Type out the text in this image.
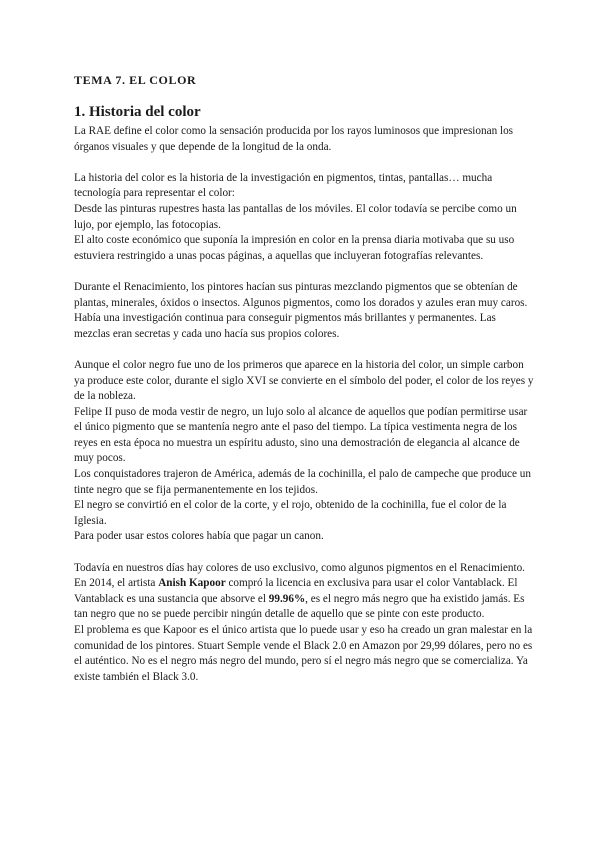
TEMA 7. EL COLOR
1. Historia del color

La RAE define el color como la sensación producida por los rayos luminosos que impresionan los órganos visuales y que depende de la longitud de la onda.

La historia del color es la historia de la investigación en pigmentos, tintas, pantallas… mucha tecnología para representar el color:

Desde las pinturas rupestres hasta las pantallas de los móviles. El color todavía se percibe como un lujo, por ejemplo, las fotocopias.

El alto coste económico que suponía la impresión en color en la prensa diaria motivaba que su uso estuviera restringido a unas pocas páginas, a aquellas que incluyeran fotografías relevantes.

Durante el Renacimiento, los pintores hacían sus pinturas mezclando pigmentos que se obtenían de plantas, minerales, óxidos o insectos. Algunos pigmentos, como los dorados y azules eran muy caros. Había una investigación continua para conseguir pigmentos más brillantes y permanentes. Las mezclas eran secretas y cada uno hacía sus propios colores.

Aunque el color negro fue uno de los primeros que aparece en la historia del color, un simple carbon ya produce este color, durante el siglo XVI se convierte en el símbolo del poder, el color de los reyes y de la nobleza.

Felipe II puso de moda vestir de negro, un lujo solo al alcance de aquellos que podían permitirse usar el único pigmento que se mantenía negro ante el paso del tiempo. La típica vestimenta negra de los reyes en esta época no muestra un espíritu adusto, sino una demostración de elegancia al alcance de muy pocos.

Los conquistadores trajeron de América, además de la cochinilla, el palo de campeche que produce un tinte negro que se fija permanentemente en los tejidos.

El negro se convirtió en el color de la corte, y el rojo, obtenido de la cochinilla, fue el color de la Iglesia.

Para poder usar estos colores había que pagar un canon.

Todavía en nuestros días hay colores de uso exclusivo, como algunos pigmentos en el Renacimiento.

En 2014, el artista Anish Kapoor compró la licencia en exclusiva para usar el color Vantablack. El Vantablack es una sustancia que absorve el 99.96%, es el negro más negro que ha existido jamás. Es tan negro que no se puede percibir ningún detalle de aquello que se pinte con este producto.

El problema es que Kapoor es el único artista que lo puede usar y eso ha creado un gran malestar en la comunidad de los pintores. Stuart Semple vende el Black 2.0 en Amazon por 29,99 dólares, pero no es el auténtico. No es el negro más negro del mundo, pero sí el negro más negro que se comercializa. Ya existe también el Black 3.0.
